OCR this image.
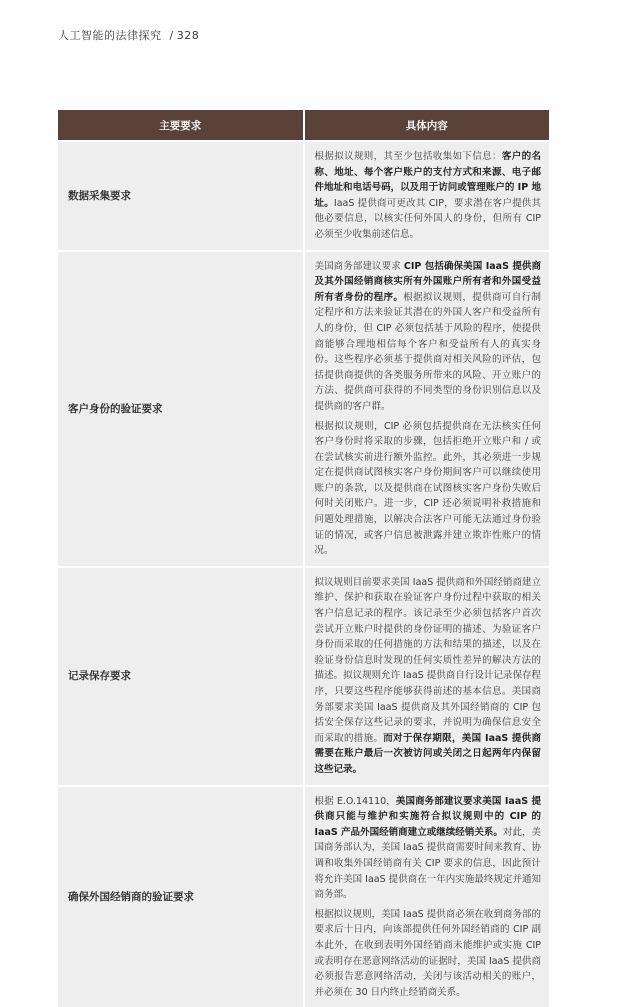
人工智能的法律探究 / 328
主要要求	具体内容
数据采集要求	根据拟议规则，其至少包括收集如下信息：客户的名称、地址、每个客户账户的支付方式和来源、电子邮件地址和电话号码，以及用于访问或管理账户的 IP 地址。IaaS 提供商可更改其 CIP，要求潜在客户提供其他必要信息，以核实任何外国人的身份，但所有 CIP 必须至少收集前述信息。

客户身份的验证要求	美国商务部建议要求 CIP 包括确保美国 IaaS 提供商及其外国经销商核实所有外国账户所有者和外国受益所有者身份的程序。根据拟议规则，提供商可自行制定程序和方法来验证其潜在的外国人客户和受益所有人的身份，但 CIP 必须包括基于风险的程序，使提供商能够合理地相信每个客户和受益所有人的真实身份。这些程序必须基于提供商对相关风险的评估，包括提供商提供的各类服务所带来的风险、开立账户的方法、提供商可获得的不同类型的身份识别信息以及提供商的客户群。

根据拟议规则，CIP 必须包括提供商在无法核实任何客户身份时将采取的步骤，包括拒绝开立账户和 / 或在尝试核实前进行额外监控。此外，其必须进一步规定在提供商试图核实客户身份期间客户可以继续使用账户的条款，以及提供商在试图核实客户身份失败后何时关闭账户。进一步，CIP 还必须说明补救措施和问题处理措施，以解决合法客户可能无法通过身份验证的情况，或客户信息被泄露并建立欺诈性账户的情况。

记录保存要求	拟议规则目前要求美国 IaaS 提供商和外国经销商建立维护、保护和获取在验证客户身份过程中获取的相关客户信息记录的程序。该记录至少必须包括客户首次尝试开立账户时提供的身份证明的描述、为验证客户身份而采取的任何措施的方法和结果的描述，以及在验证身份信息时发现的任何实质性差异的解决方法的描述。拟议规则允许 IaaS 提供商自行设计记录保存程序，只要这些程序能够获得前述的基本信息。美国商务部要求美国 IaaS 提供商及其外国经销商的 CIP 包括安全保存这些记录的要求，并说明为确保信息安全而采取的措施。而对于保存期限，美国 IaaS 提供商需要在账户最后一次被访问或关闭之日起两年内保留这些记录。

确保外国经销商的验证要求	根据 E.O.14110，美国商务部建议要求美国 IaaS 提供商只能与维护和实施符合拟议规则中的 CIP 的 IaaS 产品外国经销商建立或继续经销关系。对此，美国商务部认为，美国 IaaS 提供商需要时间来教育、协调和收集外国经销商有关 CIP 要求的信息，因此预计将允许美国 IaaS 提供商在一年内实施最终规定并通知商务部。

根据拟议规则，美国 IaaS 提供商必须在收到商务部的要求后十日内，向该部提供任何外国经销商的 CIP 副本此外，在收到表明外国经销商未能维护或实施 CIP 或表明存在恶意网络活动的证据时，美国 IaaS 提供商必须报告恶意网络活动，关闭与该活动相关的账户，并必须在 30 日内终止经销商关系。
